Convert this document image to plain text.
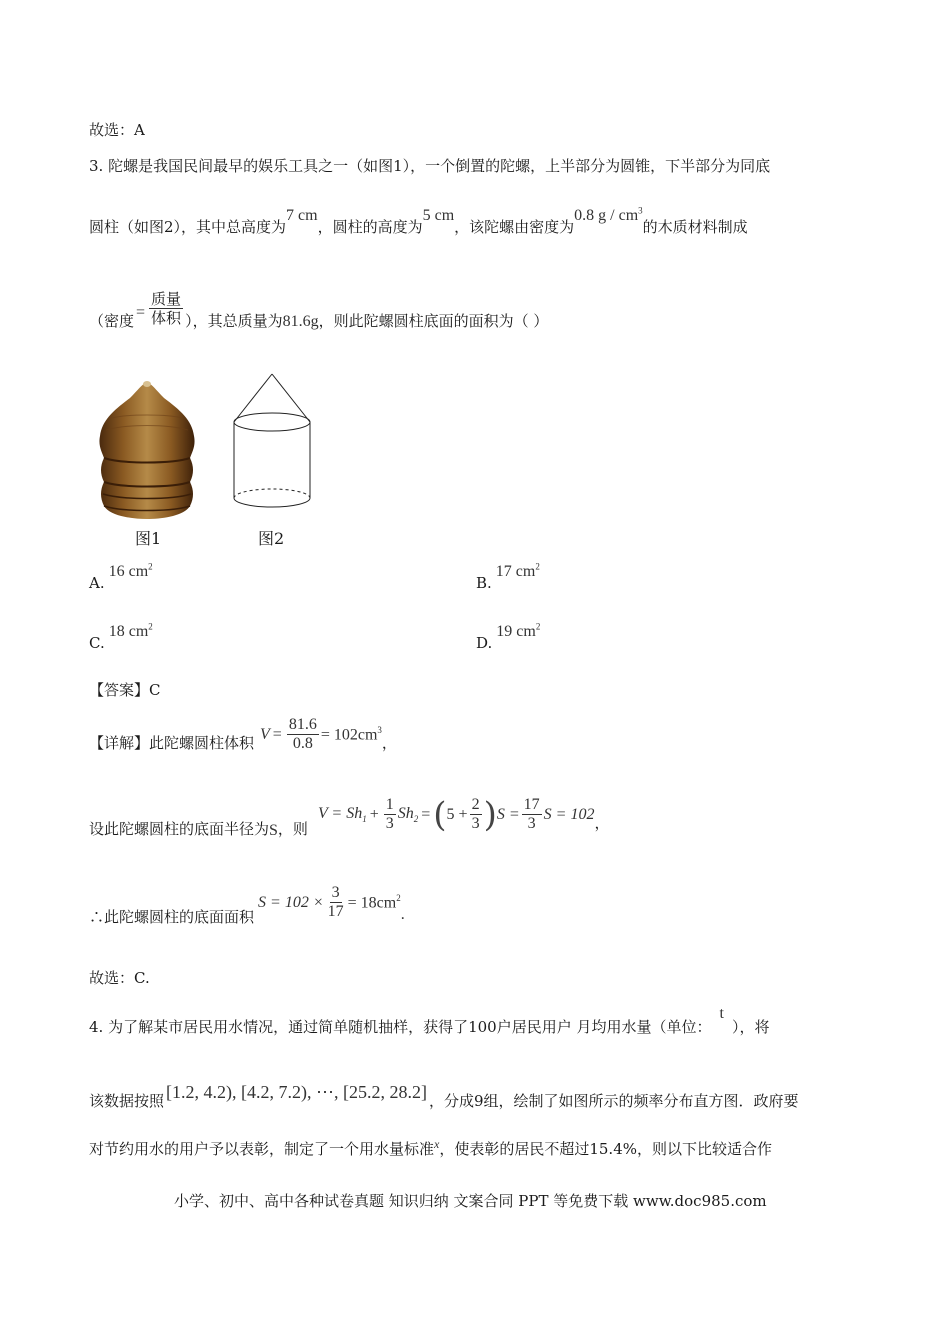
故选：A
3. 陀螺是我国民间最早的娱乐工具之一（如图1），一个倒置的陀螺，上半部分为圆锥，下半部分为同底
圆柱（如图2），其中总高度为7 cm，圆柱的高度为5 cm，该陀螺由密度为0.8 g / $cm^3$的木质材料制成
（密度 = $\frac{\text{质量}}{\text{体积}}$ ），其总质量为81.6g，则此陀螺圆柱底面的面积为（ ）
图1	图2
A.16 $cm^2$
B.17 $cm^2$
C.18 $cm^2$
D.19 $cm^2$
【答案】C
【详解】此陀螺圆柱体积 $V = \frac{81.6}{0.8} = 102cm^3$
，
设此陀螺圆柱的底面半径为 S ，则
$V = Sh_1 + \frac{1}{3} Sh_2$ = ( $5 + \frac{2}{3}$ ) $S = \frac{17}{3}$ S = 102 ，
∴此陀螺圆柱的底面面积
$S = 102 \times \frac{3}{17} = 18cm^2$
.
故选：C.
4. 为了解某市居民用水情况，通过简单随机抽样，获得了100户居民用户 月均用水量（单位：t），将
该数据按照 [1.2, 4.2), [4.2, 7.2), ⋯, [25.2, 28.2] ，分成9组，绘制了如图所示的频率分布直方图．政府要
对节约用水的用户予以表彰，制定了一个用水量标准$^x$，使表彰的居民不超过15.4%，则以下比较适合作
小学、初中、高中各种试卷真题 知识归纳 文案合同 PPT 等免费下载 www.doc985.com
